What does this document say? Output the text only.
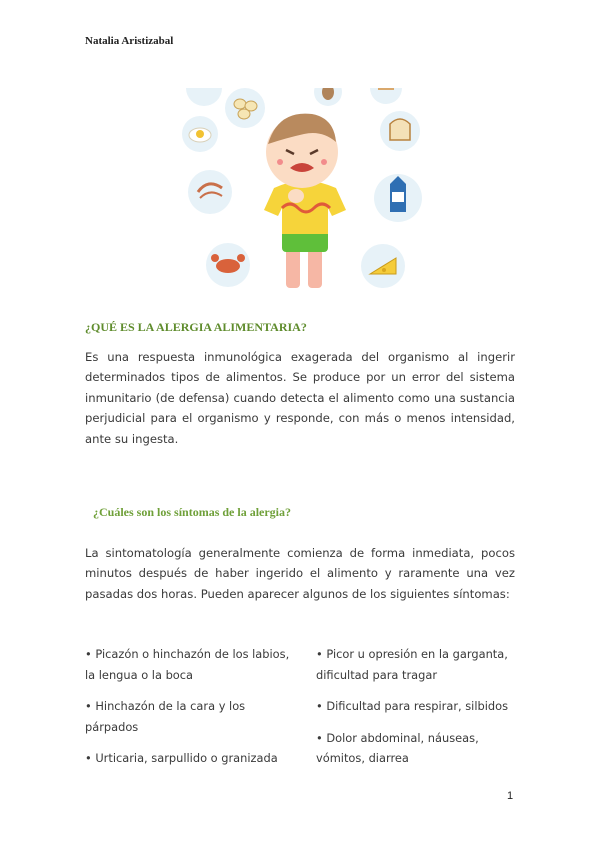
Natalia Aristizabal
¿QUÉ ES LA ALERGIA ALIMENTARIA?

Es una respuesta inmunológica exagerada del organismo al ingerir determinados tipos de alimentos. Se produce por un error del sistema inmunitario (de defensa) cuando detecta el alimento como una sustancia perjudicial para el organismo y responde, con más o menos intensidad, ante su ingesta.

¿Cuáles son los síntomas de la alergia?

La sintomatología generalmente comienza de forma inmediata, pocos minutos después de haber ingerido el alimento y raramente una vez pasadas dos horas. Pueden aparecer algunos de los siguientes síntomas:

• Picazón o hinchazón de los labios, la lengua o la boca

• Hinchazón de la cara y los párpados

• Urticaria, sarpullido o granizada

• Picor u opresión en la garganta, dificultad para tragar

• Dificultad para respirar, silbidos

• Dolor abdominal, náuseas, vómitos, diarrea

1
